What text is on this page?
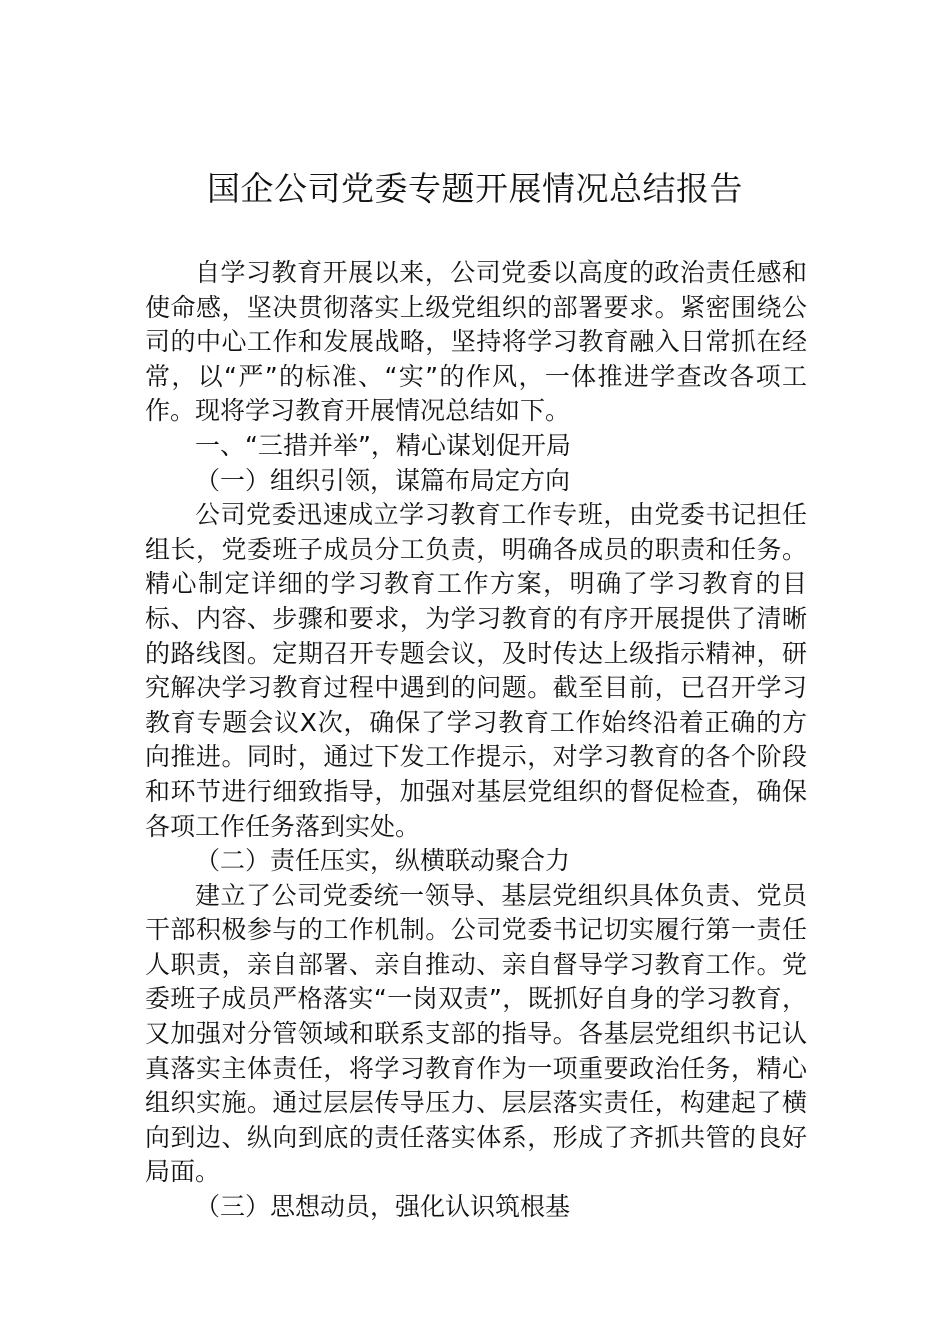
国企公司党委专题开展情况总结报告

自学习教育开展以来，公司党委以高度的政治责任感和使命感，坚决贯彻落实上级党组织的部署要求。紧密围绕公司的中心工作和发展战略，坚持将学习教育融入日常抓在经常，以“严”的标准、“实”的作风，一体推进学查改各项工作。现将学习教育开展情况总结如下。

一、“三措并举”，精心谋划促开局

（一）组织引领，谋篇布局定方向

公司党委迅速成立学习教育工作专班，由党委书记担任组长，党委班子成员分工负责，明确各成员的职责和任务。精心制定详细的学习教育工作方案，明确了学习教育的目标、内容、步骤和要求，为学习教育的有序开展提供了清晰的路线图。定期召开专题会议，及时传达上级指示精神，研究解决学习教育过程中遇到的问题。截至目前，已召开学习教育专题会议X次，确保了学习教育工作始终沿着正确的方向推进。同时，通过下发工作提示，对学习教育的各个阶段和环节进行细致指导，加强对基层党组织的督促检查，确保各项工作任务落到实处。

（二）责任压实，纵横联动聚合力

建立了公司党委统一领导、基层党组织具体负责、党员干部积极参与的工作机制。公司党委书记切实履行第一责任人职责，亲自部署、亲自推动、亲自督导学习教育工作。党委班子成员严格落实“一岗双责”，既抓好自身的学习教育，又加强对分管领域和联系支部的指导。各基层党组织书记认真落实主体责任，将学习教育作为一项重要政治任务，精心组织实施。通过层层传导压力、层层落实责任，构建起了横向到边、纵向到底的责任落实体系，形成了齐抓共管的良好局面。

（三）思想动员，强化认识筑根基
